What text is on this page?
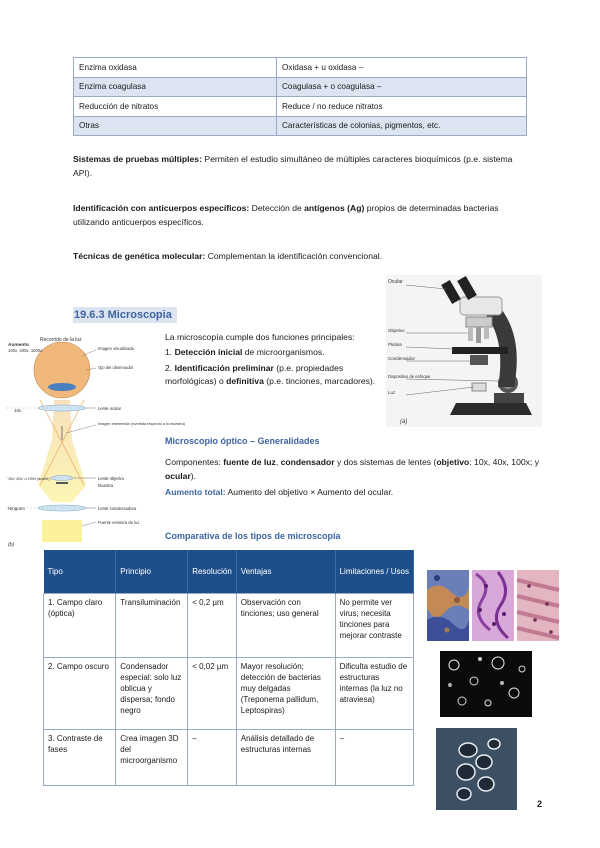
Enzima oxidasa	Oxidasa + u oxidasa –
Enzima coagulasa	Coagulasa + o coagulasa –
Reducción de nitratos	Reduce / no reduce nitratos
Otras	Características de colonias, pigmentos, etc.

Sistemas de pruebas múltiples: Permiten el estudio simultáneo de múltiples caracteres bioquímicos (p.e. sistema API).

Identificación con anticuerpos específicos: Detección de antígenos (Ag) propios de determinadas bacterias utilizando anticuerpos específicos.

Técnicas de genética molecular: Complementan la identificación convencional.

19.6.3 Microscopia
Ocular
Objetivo
Platina
Condensador
Dispositivo de enfoque
Luz
(a)
Recorrido de la luz
Aumento
100x, 400x, 1000x	Imagen visualizada
Ojo del observador
Lente ocular
Imagen intermedia (invertida respecto a la muestra)
10x
10x, 40x, o 100x (aceite)	Lente objetivo
Muestra
Ninguno	Lente condensadora
Fuente emisora de luz
(b)

La microscopía cumple dos funciones principales:

1. Detección inicial de microorganismos.

2. Identificación preliminar (p.e. propiedades morfológicas) o definitiva (p.e. tinciones, marcadores).

Microscopio óptico – Generalidades

Componentes: fuente de luz, condensador y dos sistemas de lentes (objetivo: 10x, 40x, 100x; y ocular).

Aumento total: Aumento del objetivo × Aumento del ocular.

Comparativa de los tipos de microscopía
Tipo	Principio	Resolución	Ventajas	Limitaciones / Usos
1. Campo claro (óptica)	Transiluminación	< 0,2 µm	Observación con tinciones; uso general	No permite ver virus; necesita tinciones para mejorar contraste
2. Campo oscuro	Condensador especial: solo luz oblicua y dispersa; fondo negro	< 0,02 µm	Mayor resolución; detección de bacterias muy delgadas (Treponema pallidum, Leptospiras)	Dificulta estudio de estructuras internas (la luz no atraviesa)
3. Contraste de fases	Crea imagen 3D del microorganismo	–	Análisis detallado de estructuras internas	–
2
